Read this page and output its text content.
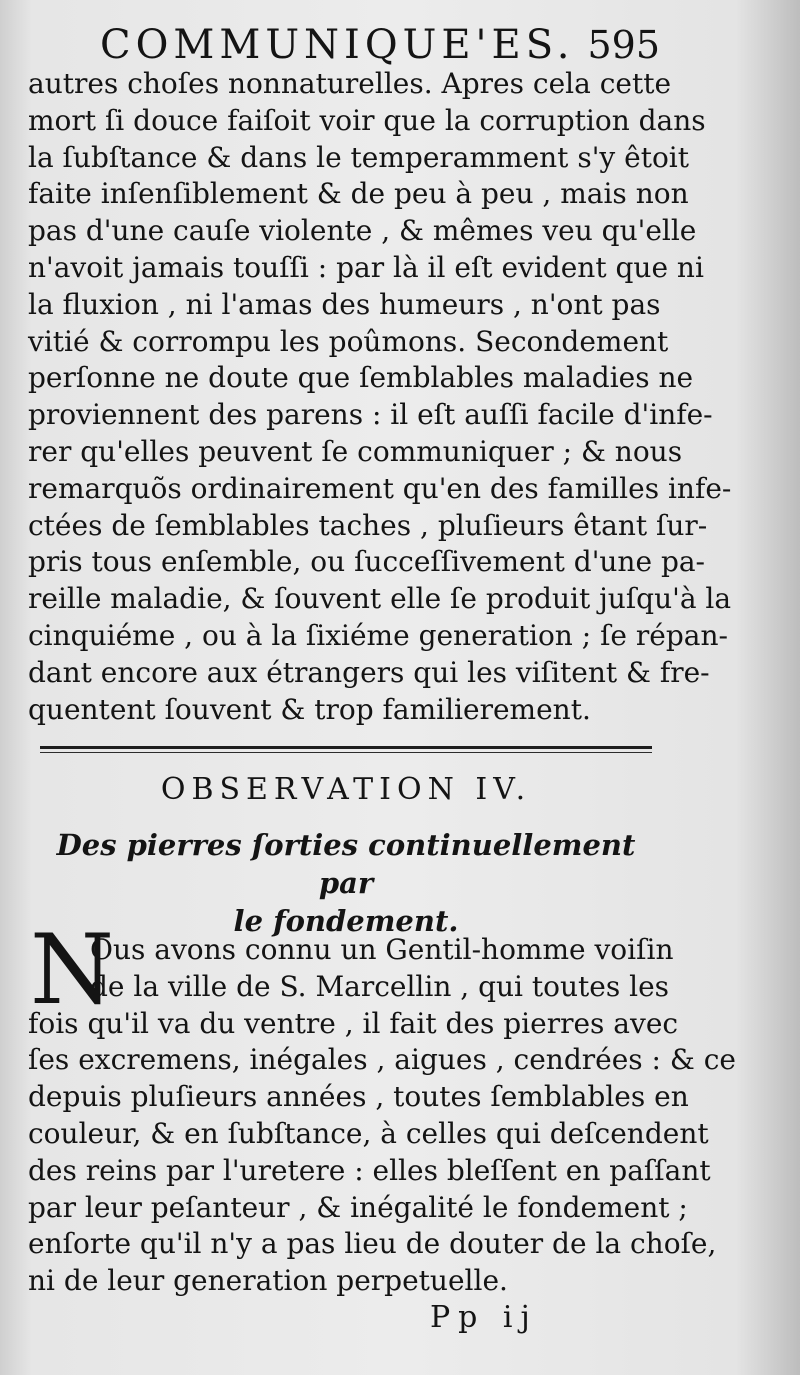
COMMUNIQUE'ES. 595
autres choſes nonnaturelles. Apres cela cette
mort ſi douce faiſoit voir que la corruption dans
la ſubſtance & dans le temperamment s'y êtoit
faite inſenſiblement & de peu à peu , mais non
pas d'une cauſe violente , & mêmes veu qu'elle
n'avoit jamais touſſi : par là il eſt evident que ni
la fluxion , ni l'amas des humeurs , n'ont pas
vitié & corrompu les poûmons. Secondement
perſonne ne doute que ſemblables maladies ne
proviennent des parens : il eſt auſſi facile d'infe-
rer qu'elles peuvent ſe communiquer ; & nous
remarquõs ordinairement qu'en des familles infe-
ctées de ſemblables taches , pluſieurs êtant ſur-
pris tous enſemble, ou ſucceſſivement d'une pa-
reille maladie, & ſouvent elle ſe produit juſqu'à la
cinquiéme , ou à la ſixiéme generation ; ſe répan-
dant encore aux étrangers qui les viſitent & fre-
quentent ſouvent & trop familierement.
OBSERVATION IV.
Des pierres ſorties continuellement par
le fondement.
N
Ous avons connu un Gentil-homme voiſin
de la ville de S. Marcellin , qui toutes les
fois qu'il va du ventre , il fait des pierres avec
ſes excremens, inégales , aigues , cendrées : & ce
depuis pluſieurs années , toutes ſemblables en
couleur, & en ſubſtance, à celles qui deſcendent
des reins par l'uretere : elles bleſſent en paſſant
par leur peſanteur , & inégalité le fondement ;
enſorte qu'il n'y a pas lieu de douter de la choſe,
ni de leur generation perpetuelle.
Pp ij
